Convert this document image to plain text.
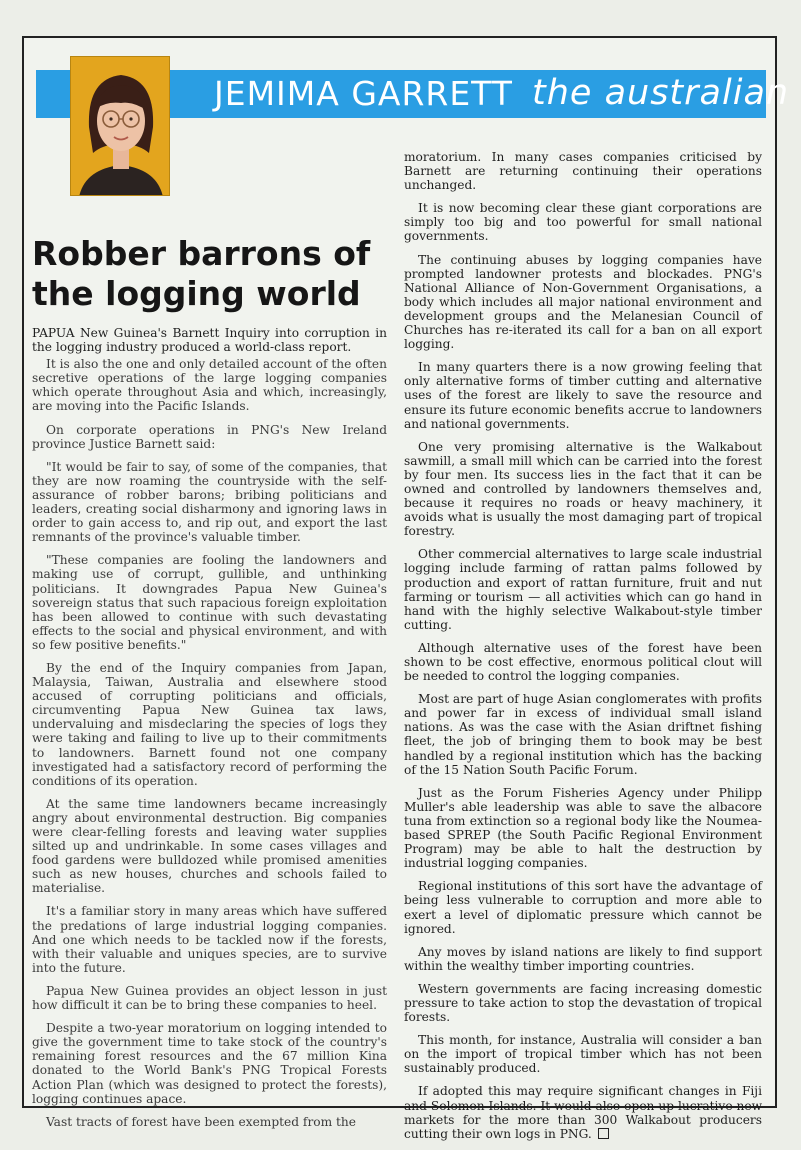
JEMIMA GARRETT the australian
Robber barrons of
the logging world

PAPUA New Guinea's Barnett Inquiry into corruption in the logging industry produced a world-class report.

It is also the one and only detailed account of the often secretive operations of the large logging companies which operate throughout Asia and which, increasingly, are moving into the Pacific Islands.

On corporate operations in PNG's New Ireland province Justice Barnett said:

"It would be fair to say, of some of the companies, that they are now roaming the countryside with the self-assurance of robber barons; bribing politicians and leaders, creating social disharmony and ignoring laws in order to gain access to, and rip out, and export the last remnants of the province's valuable timber.

"These companies are fooling the landowners and making use of corrupt, gullible, and unthinking politicians. It downgrades Papua New Guinea's sovereign status that such rapacious foreign exploitation has been allowed to continue with such devastating effects to the social and physical environment, and with so few positive benefits."

By the end of the Inquiry companies from Japan, Malaysia, Taiwan, Australia and elsewhere stood accused of corrupting politicians and officials, circumventing Papua New Guinea tax laws, undervaluing and misdeclaring the species of logs they were taking and failing to live up to their commitments to landowners. Barnett found not one company investigated had a satisfactory record of performing the conditions of its operation.

At the same time landowners became increasingly angry about environmental destruction. Big companies were clear-felling forests and leaving water supplies silted up and undrinkable. In some cases villages and food gardens were bulldozed while promised amenities such as new houses, churches and schools failed to materialise.

It's a familiar story in many areas which have suffered the predations of large industrial logging companies. And one which needs to be tackled now if the forests, with their valuable and uniques species, are to survive into the future.

Papua New Guinea provides an object lesson in just how difficult it can be to bring these companies to heel.

Despite a two-year moratorium on logging intended to give the government time to take stock of the country's remaining forest resources and the 67 million Kina donated to the World Bank's PNG Tropical Forests Action Plan (which was designed to protect the forests), logging continues apace.

Vast tracts of forest have been exempted from the

moratorium. In many cases companies criticised by Barnett are returning continuing their operations unchanged.

It is now becoming clear these giant corporations are simply too big and too powerful for small national governments.

The continuing abuses by logging companies have prompted landowner protests and blockades. PNG's National Alliance of Non-Government Organisations, a body which includes all major national environment and development groups and the Melanesian Council of Churches has re-iterated its call for a ban on all export logging.

In many quarters there is a now growing feeling that only alternative forms of timber cutting and alternative uses of the forest are likely to save the resource and ensure its future economic benefits accrue to landowners and national governments.

One very promising alternative is the Walkabout sawmill, a small mill which can be carried into the forest by four men. Its success lies in the fact that it can be owned and controlled by landowners themselves and, because it requires no roads or heavy machinery, it avoids what is usually the most damaging part of tropical forestry.

Other commercial alternatives to large scale industrial logging include farming of rattan palms followed by production and export of rattan furniture, fruit and nut farming or tourism — all activities which can go hand in hand with the highly selective Walkabout-style timber cutting.

Although alternative uses of the forest have been shown to be cost effective, enormous political clout will be needed to control the logging companies.

Most are part of huge Asian conglomerates with profits and power far in excess of individual small island nations. As was the case with the Asian driftnet fishing fleet, the job of bringing them to book may be best handled by a regional institution which has the backing of the 15 Nation South Pacific Forum.

Just as the Forum Fisheries Agency under Philipp Muller's able leadership was able to save the albacore tuna from extinction so a regional body like the Noumea-based SPREP (the South Pacific Regional Environment Program) may be able to halt the destruction by industrial logging companies.

Regional institutions of this sort have the advantage of being less vulnerable to corruption and more able to exert a level of diplomatic pressure which cannot be ignored.

Any moves by island nations are likely to find support within the wealthy timber importing countries.

Western governments are facing increasing domestic pressure to take action to stop the devastation of tropical forests.

This month, for instance, Australia will consider a ban on the import of tropical timber which has not been sustainably produced.

If adopted this may require significant changes in Fiji and Solomon Islands. It would also open up lucrative new markets for the more than 300 Walkabout producers cutting their own logs in PNG.
